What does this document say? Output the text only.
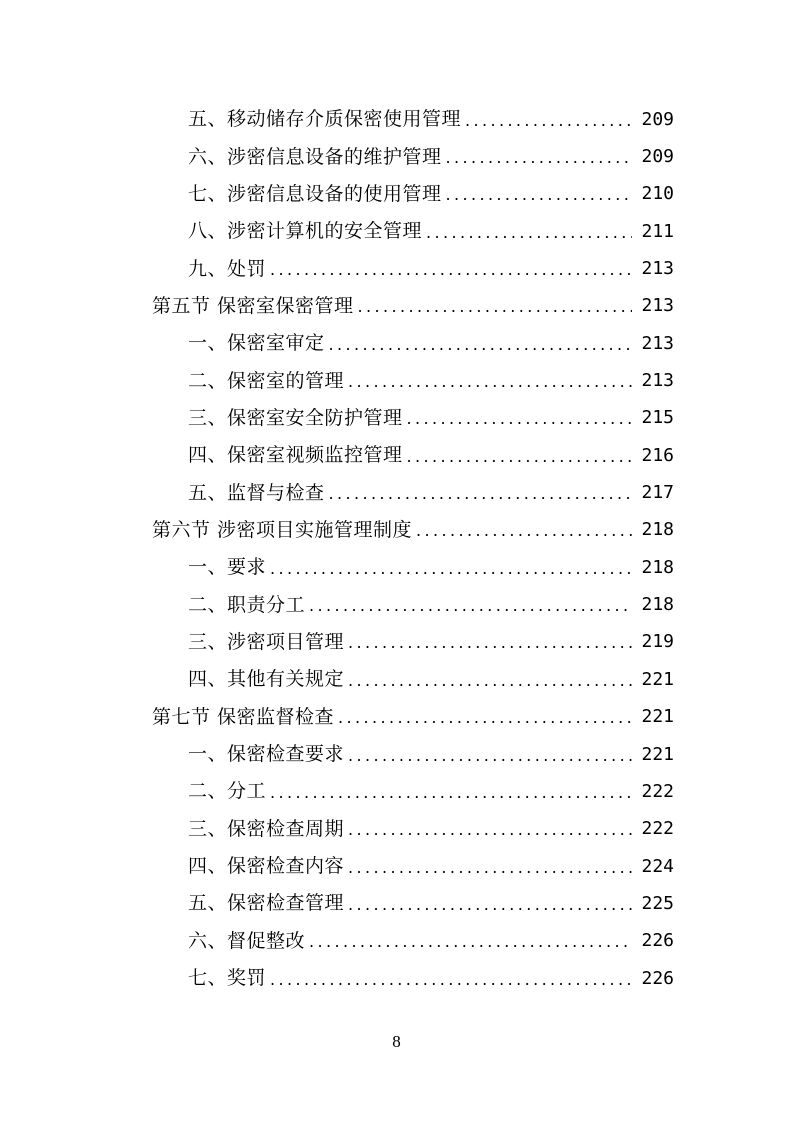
五、移动储存介质保密使用管理 .....	209
六、涉密信息设备的维护管理 .....	209
七、涉密信息设备的使用管理 .....	210
八、涉密计算机的安全管理 .....	211
九、处罚 .....	213
第五节 保密室保密管理 .....	213
一、保密室审定 .....	213
二、保密室的管理 .....	213
三、保密室安全防护管理 .....	215
四、保密室视频监控管理 .....	216
五、监督与检查 .....	217
第六节 涉密项目实施管理制度 .....	218
一、要求 .....	218
二、职责分工 .....	218
三、涉密项目管理 .....	219
四、其他有关规定 .....	221
第七节 保密监督检查 .....	221
一、保密检查要求 .....	221
二、分工 .....	222
三、保密检查周期 .....	222
四、保密检查内容 .....	224
五、保密检查管理 .....	225
六、督促整改 .....	226
七、奖罚 .....	226
8
